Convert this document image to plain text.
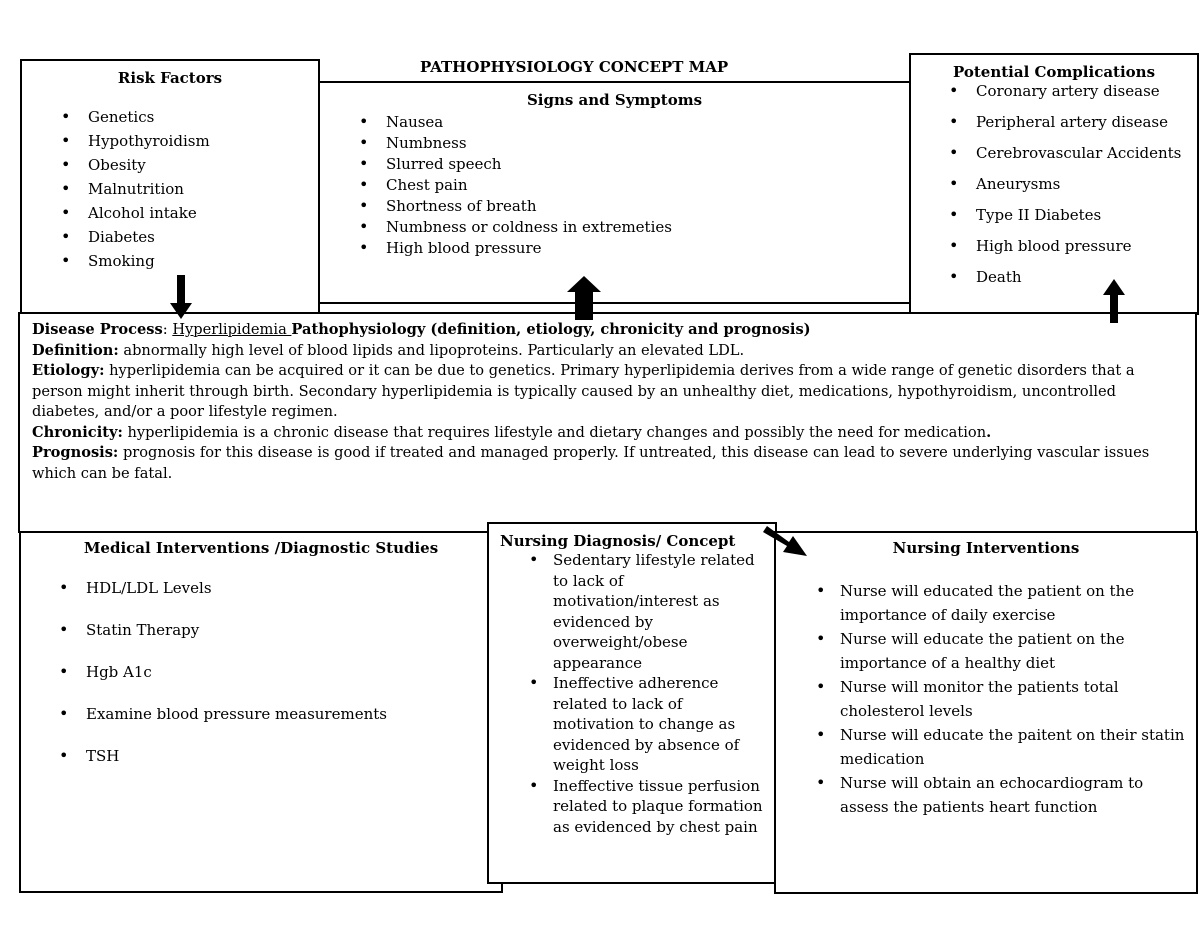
PATHOPHYSIOLOGY CONCEPT MAP
Risk Factors
• Genetics
• Hypothyroidism
• Obesity
• Malnutrition
• Alcohol intake
• Diabetes
• Smoking
Signs and Symptoms
• Nausea
• Numbness
• Slurred speech
• Chest pain
• Shortness of breath
• Numbness or coldness in extremeties
• High blood pressure
Potential Complications
• Coronary artery disease
• Peripheral artery disease
• Cerebrovascular Accidents
• Aneurysms
• Type II Diabetes
• High blood pressure
• Death

Disease Process: Hyperlipidemia Pathophysiology (definition, etiology, chronicity and prognosis)

Definition: abnormally high level of blood lipids and lipoproteins. Particularly an elevated LDL.

Etiology: hyperlipidemia can be acquired or it can be due to genetics. Primary hyperlipidemia derives from a wide range of genetic disorders that a person might inherit through birth. Secondary hyperlipidemia is typically caused by an unhealthy diet, medications, hypothyroidism, uncontrolled diabetes, and/or a poor lifestyle regimen.

Chronicity: hyperlipidemia is a chronic disease that requires lifestyle and dietary changes and possibly the need for medication.

Prognosis: prognosis for this disease is good if treated and managed properly. If untreated, this disease can lead to severe underlying vascular issues which can be fatal.

Medical Interventions /Diagnostic Studies
• HDL/LDL Levels
• Statin Therapy
• Hgb A1c
• Examine blood pressure measurements
• TSH
Nursing Diagnosis/ Concept
• Sedentary lifestyle related to lack of motivation/interest as evidenced by overweight/obese appearance
• Ineffective adherence related to lack of motivation to change as evidenced by absence of weight loss
• Ineffective tissue perfusion related to plaque formation as evidenced by chest pain
Nursing Interventions
• Nurse will educated the patient on the importance of daily exercise
• Nurse will educate the patient on the importance of a healthy diet
• Nurse will monitor the patients total cholesterol levels
• Nurse will educate the paitent on their statin medication
• Nurse will obtain an echocardiogram to assess the patients heart function
